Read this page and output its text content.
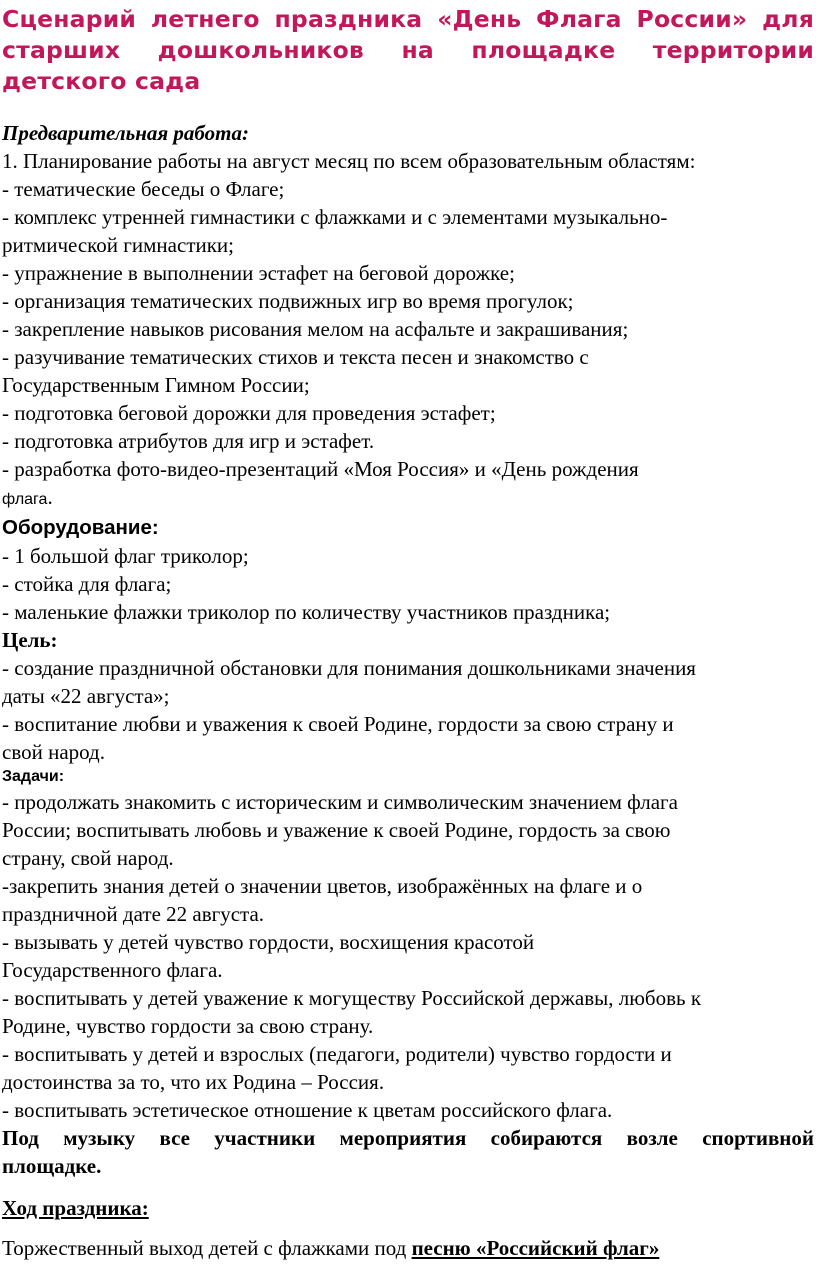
Сценарий летнего праздника «День Флага России» для старших дошкольников на площадке территории детского сада
Предварительная работа:
1. Планирование работы на август месяц по всем образовательным областям:
- тематические беседы о Флаге;
- комплекс утренней гимнастики с флажками и с элементами музыкально-
ритмической гимнастики;
- упражнение в выполнении эстафет на беговой дорожке;
- организация тематических подвижных игр во время прогулок;
- закрепление навыков рисования мелом на асфальте и закрашивания;
- разучивание тематических стихов и текста песен и знакомство с
Государственным Гимном России;
- подготовка беговой дорожки для проведения эстафет;
- подготовка атрибутов для игр и эстафет.
- разработка фото-видео-презентаций «Моя Россия» и «День рождения
флага.
Оборудование:
- 1 большой флаг триколор;
- стойка для флага;
- маленькие флажки триколор по количеству участников праздника;
Цель:
- создание праздничной обстановки для понимания дошкольниками значения
даты «22 августа»;
- воспитание любви и уважения к своей Родине, гордости за свою страну и
свой народ.
Задачи:
- продолжать знакомить с историческим и символическим значением флага
России; воспитывать любовь и уважение к своей Родине, гордость за свою
страну, свой народ.
-закрепить знания детей о значении цветов, изображённых на флаге и о
праздничной дате 22 августа.
- вызывать у детей чувство гордости, восхищения красотой
Государственного флага.
- воспитывать у детей уважение к могуществу Российской державы, любовь к
Родине, чувство гордости за свою страну.
- воспитывать у детей и взрослых (педагоги, родители) чувство гордости и
достоинства за то, что их Родина – Россия.
- воспитывать эстетическое отношение к цветам российского флага.
Под музыку все участники мероприятия собираются возле спортивной
площадке.
Ход праздника:
Торжественный выход детей с флажками под песню «Российский флаг»
